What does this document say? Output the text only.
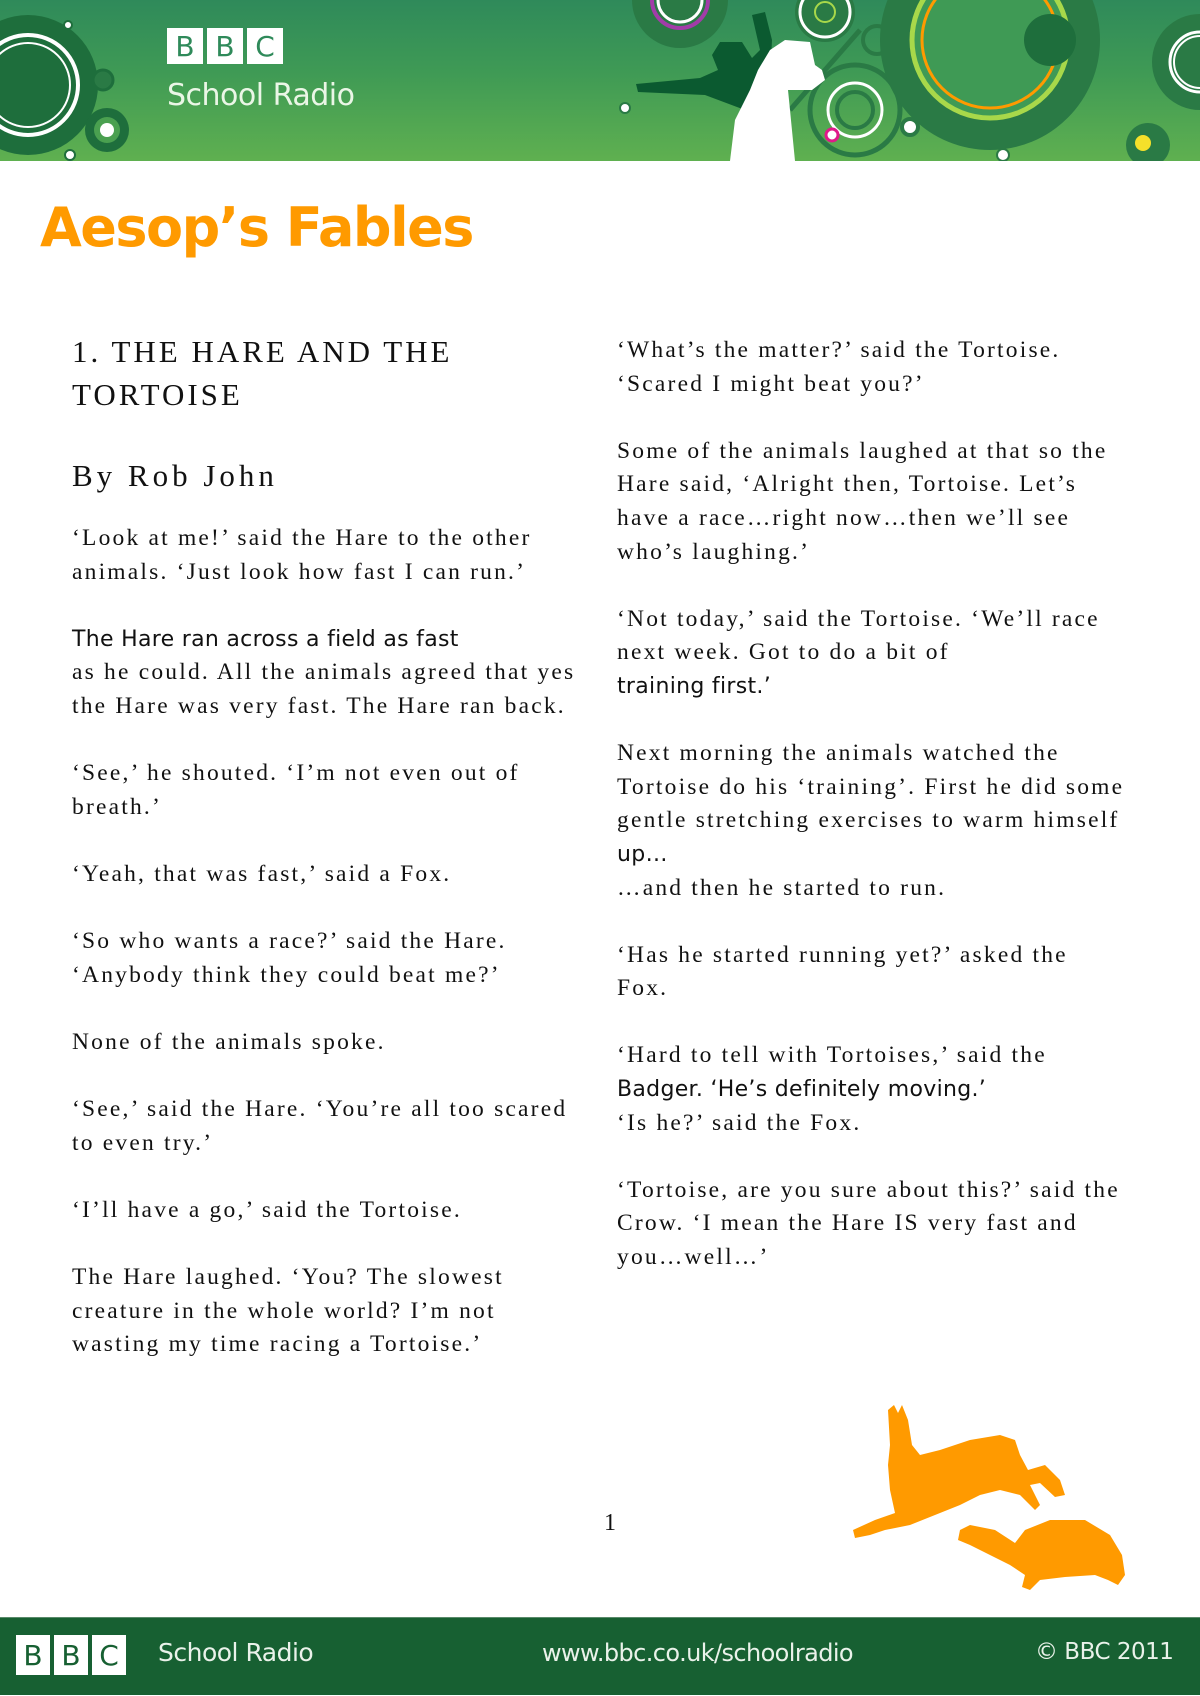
B B C
School Radio
Aesop’s Fables
1. THE HARE AND THE TORTOISE
By Rob John

‘Look at me!’ said the Hare to the other animals. ‘Just look how fast I can run.’

The Hare ran across a field as fast
as he could. All the animals agreed that yes the Hare was very fast. The Hare ran back.

‘See,’ he shouted. ‘I’m not even out of breath.’

‘Yeah, that was fast,’ said a Fox.

‘So who wants a race?’ said the Hare. ‘Anybody think they could beat me?’

None of the animals spoke.

‘See,’ said the Hare. ‘You’re all too scared to even try.’

‘I’ll have a go,’ said the Tortoise.

The Hare laughed. ‘You? The slowest creature in the whole world? I’m not wasting my time racing a Tortoise.’

‘What’s the matter?’ said the Tortoise. ‘Scared I might beat you?’

Some of the animals laughed at that so the Hare said, ‘Alright then, Tortoise. Let’s have a race…right now…then we’ll see who’s laughing.’

‘Not today,’ said the Tortoise. ‘We’ll race next week. Got to do a bit of
training first.’

Next morning the animals watched the Tortoise do his ‘training’. First he did some gentle stretching exercises to warm himself up…
…and then he started to run.

‘Has he started running yet?’ asked the Fox.

‘Hard to tell with Tortoises,’ said the
Badger. ‘He’s definitely moving.’
‘Is he?’ said the Fox.

‘Tortoise, are you sure about this?’ said the Crow. ‘I mean the Hare IS very fast and you…well…’

1
B B C School Radio	www.bbc.co.uk/schoolradio	© BBC 2011
